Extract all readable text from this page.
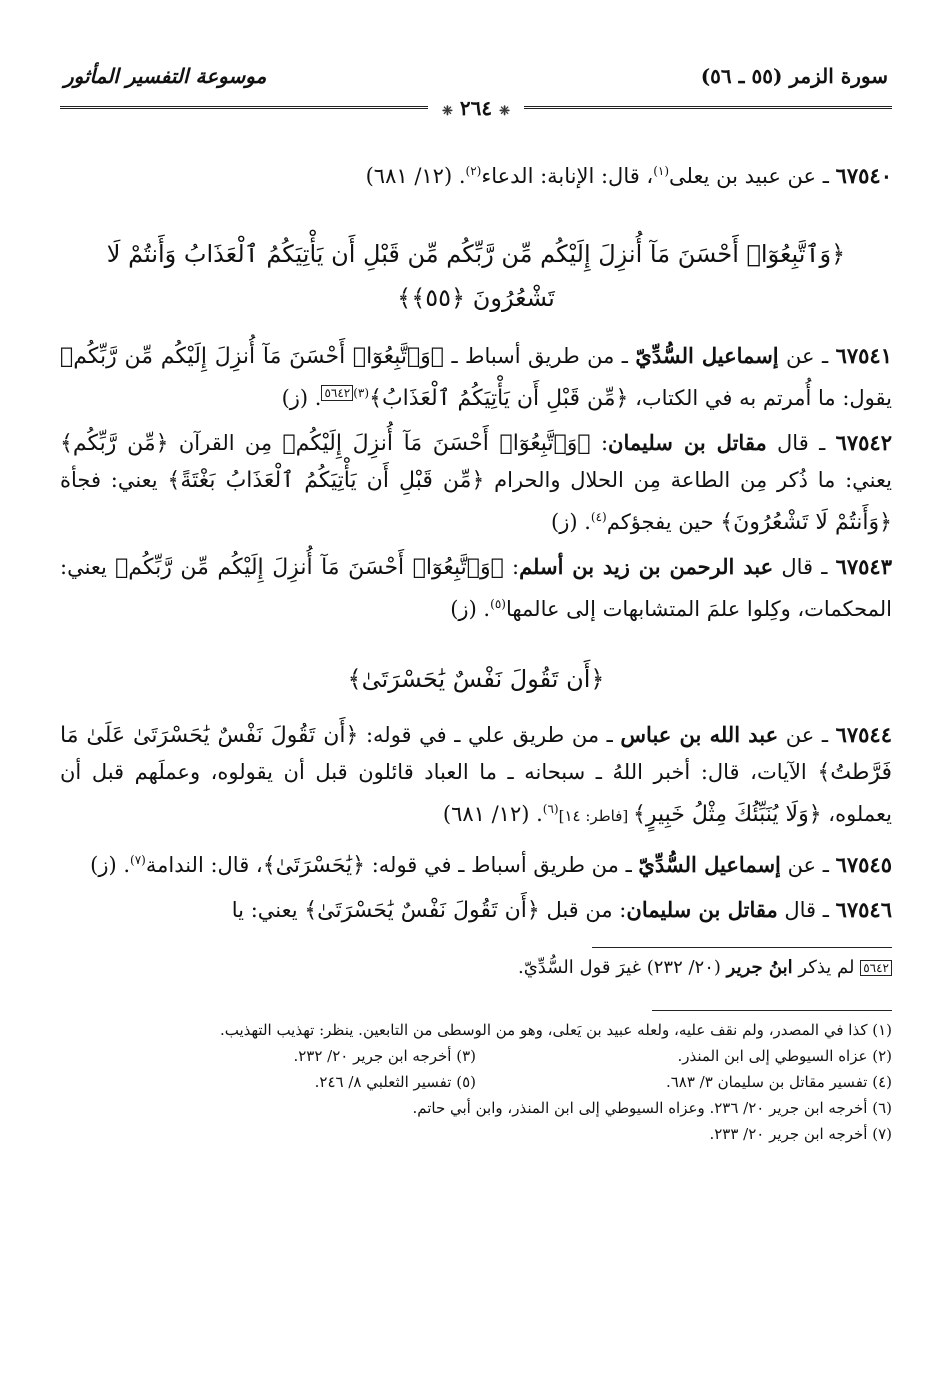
سورة الزمر (٥٥ ـ ٥٦)
موسوعة التفسير المأثور
❈ ٢٦٤ ❈

٦٧٥٤٠ ـ عن عبيد بن يعلى$^{(١)}$، قال: الإنابة: الدعاء$^{(٢)}$. (١٢/ ٦٨١)

﴿وَٱتَّبِعُوٓا۟ أَحْسَنَ مَآ أُنزِلَ إِلَيْكُم مِّن رَّبِّكُم مِّن قَبْلِ أَن يَأْتِيَكُمُ ٱلْعَذَابُ وَأَنتُمْ لَا تَشْعُرُونَ ﴿٥٥﴾﴾

٦٧٥٤١ ـ عن إسماعيل السُّدِّيّ ـ من طريق أسباط ـ ﴿وَٱتَّبِعُوٓا۟ أَحْسَنَ مَآ أُنزِلَ إِلَيْكُم مِّن رَّبِّكُم﴾ يقول: ما أُمرتم به في الكتاب، ﴿مِّن قَبْلِ أَن يَأْتِيَكُمُ ٱلْعَذَابُ﴾$^{(٣)}$٥٦٤٢. (ز)

٦٧٥٤٢ ـ قال مقاتل بن سليمان: ﴿وَٱتَّبِعُوٓا۟ أَحْسَنَ مَآ أُنزِلَ إِلَيْكُم﴾ مِن القرآن ﴿مِّن رَّبِّكُم﴾ يعني: ما ذُكر مِن الطاعة مِن الحلال والحرام ﴿مِّن قَبْلِ أَن يَأْتِيَكُمُ ٱلْعَذَابُ بَغْتَةً﴾ يعني: فجأة ﴿وَأَنتُمْ لَا تَشْعُرُونَ﴾ حين يفجؤكم$^{(٤)}$. (ز)

٦٧٥٤٣ ـ قال عبد الرحمن بن زيد بن أسلم: ﴿وَٱتَّبِعُوٓا۟ أَحْسَنَ مَآ أُنزِلَ إِلَيْكُم مِّن رَّبِّكُم﴾ يعني: المحكمات، وكِلوا علمَ المتشابهات إلى عالمها$^{(٥)}$. (ز)

﴿أَن تَقُولَ نَفْسٌ يَٰحَسْرَتَىٰ﴾

٦٧٥٤٤ ـ عن عبد الله بن عباس ـ من طريق علي ـ في قوله: ﴿أَن تَقُولَ نَفْسٌ يَٰحَسْرَتَىٰ عَلَىٰ مَا فَرَّطتُ﴾ الآيات، قال: أخبر اللهُ ـ سبحانه ـ ما العباد قائلون قبل أن يقولوه، وعملَهم قبل أن يعملوه، ﴿وَلَا يُنَبِّئُكَ مِثْلُ خَبِيرٍ﴾ [فاطر: ١٤]$^{(٦)}$. (١٢/ ٦٨١)

٦٧٥٤٥ ـ عن إسماعيل السُّدِّيّ ـ من طريق أسباط ـ في قوله: ﴿يَٰحَسْرَتَىٰ﴾، قال: الندامة$^{(٧)}$. (ز)

٦٧٥٤٦ ـ قال مقاتل بن سليمان: من قبل ﴿أَن تَقُولَ نَفْسٌ يَٰحَسْرَتَىٰ﴾ يعني: يا

٥٦٤٢ لم يذكر ابنُ جرير (٢٠/ ٢٣٢) غيرَ قول السُّدِّيّ.

(١) كذا في المصدر، ولم نقف عليه، ولعله عبيد بن يَعلى، وهو من الوسطى من التابعين. ينظر: تهذيب التهذيب.
(٢) عزاه السيوطي إلى ابن المنذر.
(٣) أخرجه ابن جرير ٢٠/ ٢٣٢.
(٤) تفسير مقاتل بن سليمان ٣/ ٦٨٣.
(٥) تفسير الثعلبي ٨/ ٢٤٦.
(٦) أخرجه ابن جرير ٢٠/ ٢٣٦. وعزاه السيوطي إلى ابن المنذر، وابن أبي حاتم.
(٧) أخرجه ابن جرير ٢٠/ ٢٣٣.
